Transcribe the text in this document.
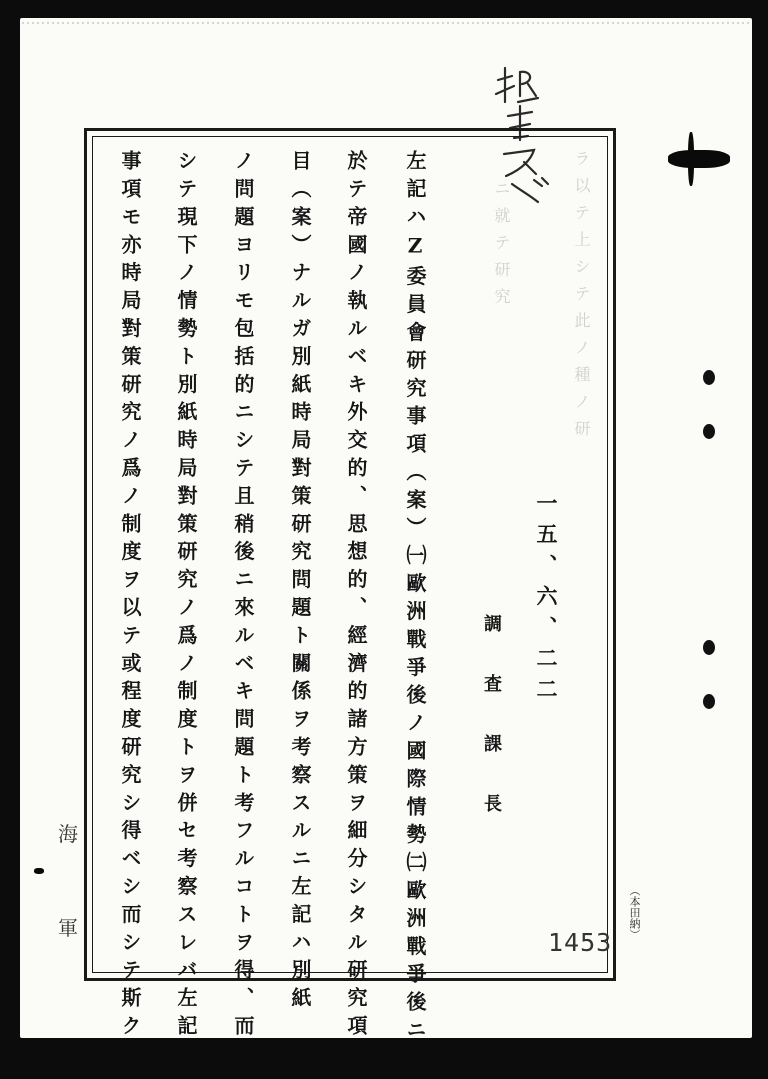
ラ以テ上シテ此ノ種ノ研
ニ就テ研究
左記ハΖ委員會研究事項（案）㈠歐洲戰爭後ノ國際情勢㈡歐洲戰爭後ニ
於テ帝國ノ執ルベキ外交的、思想的、經濟的諸方策ヲ細分シタル研究項
目（案）ナルガ別紙時局對策研究問題ト關係ヲ考察スルニ左記ハ別紙
ノ問題ヨリモ包括的ニシテ且稍後ニ來ルベキ問題ト考フルコトヲ得、而
シテ現下ノ情勢ト別紙時局對策研究ノ爲ノ制度トヲ併セ考察スレバ左記
事項モ亦時局對策研究ノ爲ノ制度ヲ以テ或程度研究シ得ベシ而シテ斯ク	一五、六、二二
調査課長
海
軍	（本田納）
1453
